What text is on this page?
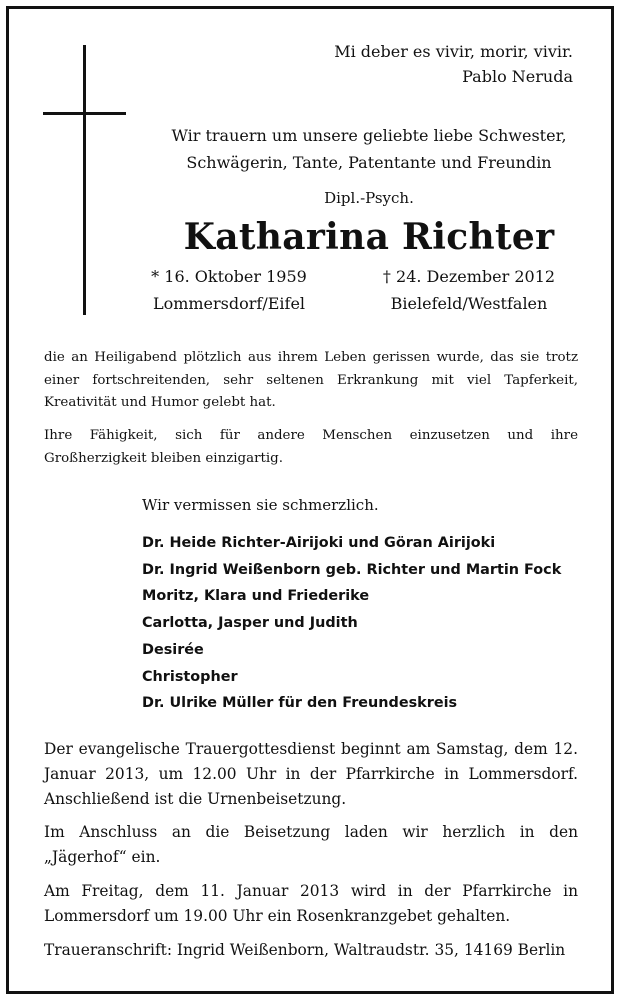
Mi deber es vivir, morir, vivir.
Pablo Neruda
Wir trauern um unsere geliebte liebe Schwester,
Schwägerin, Tante, Patentante und Freundin
Dipl.-Psych.
Katharina Richter
* 16. Oktober 1959
Lommersdorf/Eifel
† 24. Dezember 2012
Bielefeld/Westfalen
die an Heiligabend plötzlich aus ihrem Leben gerissen wurde, das sie trotz einer fortschreitenden, sehr seltenen Erkrankung mit viel Tapferkeit, Kreativität und Humor gelebt hat.
Ihre Fähigkeit, sich für andere Menschen einzusetzen und ihre Großherzigkeit bleiben einzigartig.
Wir vermissen sie schmerzlich.
Dr. Heide Richter-Airijoki und Göran Airijoki
Dr. Ingrid Weißenborn geb. Richter und Martin Fock
Moritz, Klara und Friederike
Carlotta, Jasper und Judith
Desirée
Christopher
Dr. Ulrike Müller für den Freundeskreis
Der evangelische Trauergottesdienst beginnt am Samstag, dem 12. Januar 2013, um 12.00 Uhr in der Pfarrkirche in Lommersdorf. Anschließend ist die Urnenbeisetzung.
Im Anschluss an die Beisetzung laden wir herzlich in den „Jägerhof“ ein.
Am Freitag, dem 11. Januar 2013 wird in der Pfarrkirche in Lommersdorf um 19.00 Uhr ein Rosenkranzgebet gehalten.
Traueranschrift: Ingrid Weißenborn, Waltraudstr. 35, 14169 Berlin
